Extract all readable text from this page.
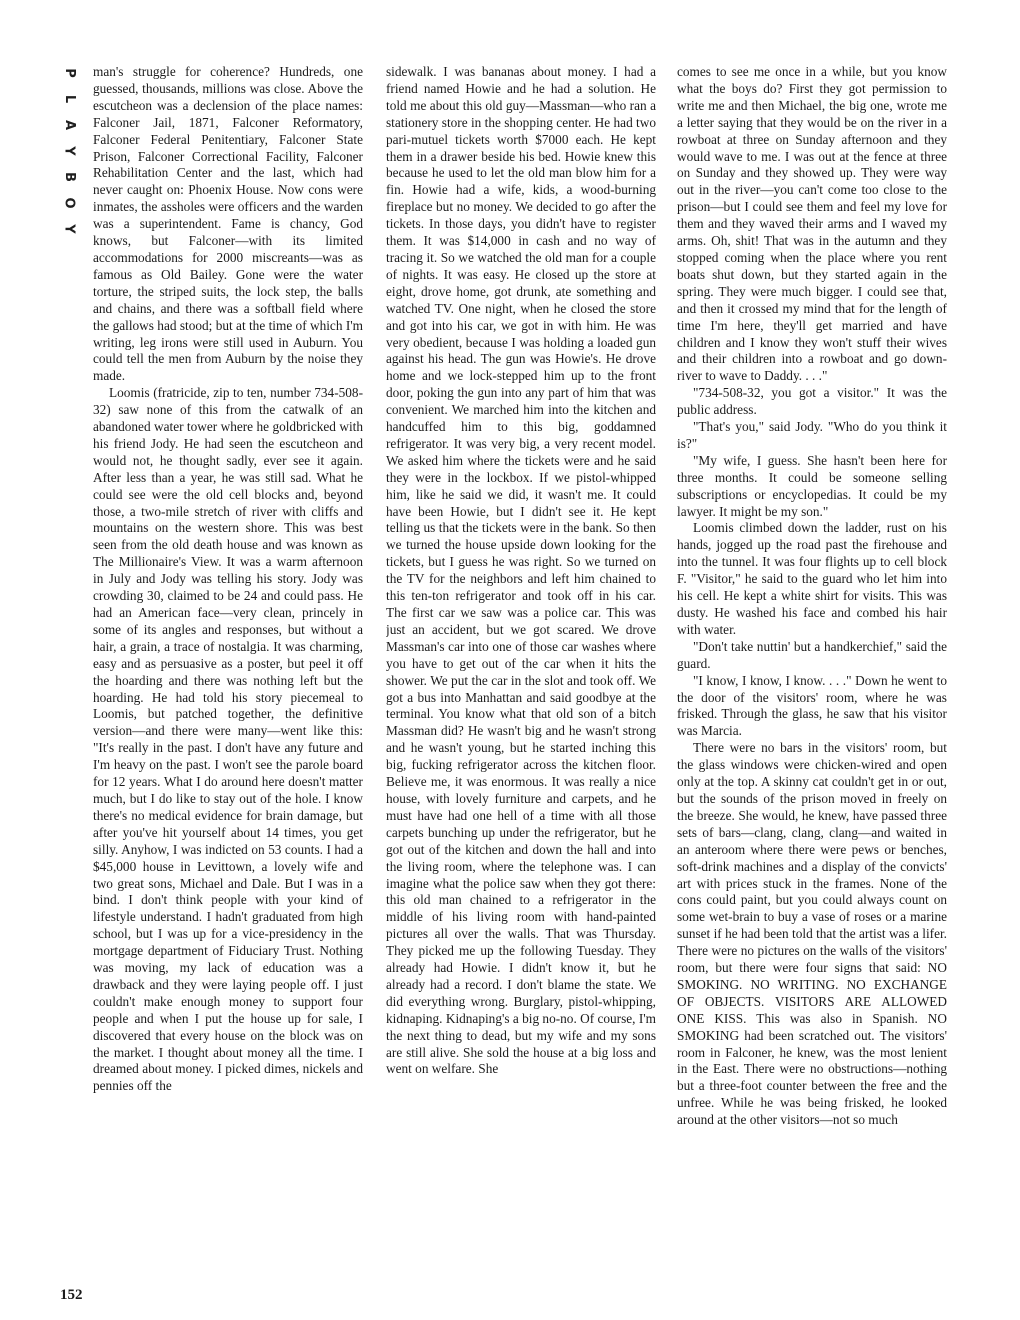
P
L
A
Y
B
O
Y

man's struggle for coherence? Hundreds, one guessed, thousands, millions was close. Above the escutcheon was a declension of the place names: Falconer Jail, 1871, Falconer Reformatory, Falconer Federal Penitentiary, Falconer State Prison, Falconer Correctional Facility, Falconer Rehabilitation Center and the last, which had never caught on: Phoenix House. Now cons were inmates, the assholes were officers and the warden was a superintendent. Fame is chancy, God knows, but Falconer—with its limited accommodations for 2000 miscreants—was as famous as Old Bailey. Gone were the water torture, the striped suits, the lock step, the balls and chains, and there was a softball field where the gallows had stood; but at the time of which I'm writing, leg irons were still used in Auburn. You could tell the men from Auburn by the noise they made.

Loomis (fratricide, zip to ten, number 734-508-32) saw none of this from the catwalk of an abandoned water tower where he goldbricked with his friend Jody. He had seen the escutcheon and would not, he thought sadly, ever see it again. After less than a year, he was still sad. What he could see were the old cell blocks and, beyond those, a two-mile stretch of river with cliffs and mountains on the western shore. This was best seen from the old death house and was known as The Millionaire's View. It was a warm afternoon in July and Jody was telling his story. Jody was crowding 30, claimed to be 24 and could pass. He had an American face—very clean, princely in some of its angles and responses, but without a hair, a grain, a trace of nostalgia. It was charming, easy and as persuasive as a poster, but peel it off the hoarding and there was nothing left but the hoarding. He had told his story piecemeal to Loomis, but patched together, the definitive version—and there were many—went like this: "It's really in the past. I don't have any future and I'm heavy on the past. I won't see the parole board for 12 years. What I do around here doesn't matter much, but I do like to stay out of the hole. I know there's no medical evidence for brain damage, but after you've hit yourself about 14 times, you get silly. Anyhow, I was indicted on 53 counts. I had a $45,000 house in Levittown, a lovely wife and two great sons, Michael and Dale. But I was in a bind. I don't think people with your kind of lifestyle understand. I hadn't graduated from high school, but I was up for a vice-presidency in the mortgage department of Fiduciary Trust. Nothing was moving, my lack of education was a drawback and they were laying people off. I just couldn't make enough money to support four people and when I put the house up for sale, I discovered that every house on the block was on the market. I thought about money all the time. I dreamed about money. I picked dimes, nickels and pennies off the

sidewalk. I was bananas about money. I had a friend named Howie and he had a solution. He told me about this old guy—Massman—who ran a stationery store in the shopping center. He had two pari-mutuel tickets worth $7000 each. He kept them in a drawer beside his bed. Howie knew this because he used to let the old man blow him for a fin. Howie had a wife, kids, a wood-burning fireplace but no money. We decided to go after the tickets. In those days, you didn't have to register them. It was $14,000 in cash and no way of tracing it. So we watched the old man for a couple of nights. It was easy. He closed up the store at eight, drove home, got drunk, ate something and watched TV. One night, when he closed the store and got into his car, we got in with him. He was very obedient, because I was holding a loaded gun against his head. The gun was Howie's. He drove home and we lock-stepped him up to the front door, poking the gun into any part of him that was convenient. We marched him into the kitchen and handcuffed him to this big, goddamned refrigerator. It was very big, a very recent model. We asked him where the tickets were and he said they were in the lockbox. If we pistol-whipped him, like he said we did, it wasn't me. It could have been Howie, but I didn't see it. He kept telling us that the tickets were in the bank. So then we turned the house upside down looking for the tickets, but I guess he was right. So we turned on the TV for the neighbors and left him chained to this ten-ton refrigerator and took off in his car. The first car we saw was a police car. This was just an accident, but we got scared. We drove Massman's car into one of those car washes where you have to get out of the car when it hits the shower. We put the car in the slot and took off. We got a bus into Manhattan and said goodbye at the terminal. You know what that old son of a bitch Massman did? He wasn't big and he wasn't strong and he wasn't young, but he started inching this big, fucking refrigerator across the kitchen floor. Believe me, it was enormous. It was really a nice house, with lovely furniture and carpets, and he must have had one hell of a time with all those carpets bunching up under the refrigerator, but he got out of the kitchen and down the hall and into the living room, where the telephone was. I can imagine what the police saw when they got there: this old man chained to a refrigerator in the middle of his living room with hand-painted pictures all over the walls. That was Thursday. They picked me up the following Tuesday. They already had Howie. I didn't know it, but he already had a record. I don't blame the state. We did everything wrong. Burglary, pistol-whipping, kidnaping. Kidnaping's a big no-no. Of course, I'm the next thing to dead, but my wife and my sons are still alive. She sold the house at a big loss and went on welfare. She

comes to see me once in a while, but you know what the boys do? First they got permission to write me and then Michael, the big one, wrote me a letter saying that they would be on the river in a rowboat at three on Sunday afternoon and they would wave to me. I was out at the fence at three on Sunday and they showed up. They were way out in the river—you can't come too close to the prison—but I could see them and feel my love for them and they waved their arms and I waved my arms. Oh, shit! That was in the autumn and they stopped coming when the place where you rent boats shut down, but they started again in the spring. They were much bigger. I could see that, and then it crossed my mind that for the length of time I'm here, they'll get married and have children and I know they won't stuff their wives and their children into a rowboat and go down-river to wave to Daddy. . . ."

"734-508-32, you got a visitor." It was the public address.

"That's you," said Jody. "Who do you think it is?"

"My wife, I guess. She hasn't been here for three months. It could be someone selling subscriptions or encyclopedias. It could be my lawyer. It might be my son."

Loomis climbed down the ladder, rust on his hands, jogged up the road past the firehouse and into the tunnel. It was four flights up to cell block F. "Visitor," he said to the guard who let him into his cell. He kept a white shirt for visits. This was dusty. He washed his face and combed his hair with water.

"Don't take nuttin' but a handkerchief," said the guard.

"I know, I know, I know. . . ." Down he went to the door of the visitors' room, where he was frisked. Through the glass, he saw that his visitor was Marcia.

There were no bars in the visitors' room, but the glass windows were chicken-wired and open only at the top. A skinny cat couldn't get in or out, but the sounds of the prison moved in freely on the breeze. She would, he knew, have passed three sets of bars—clang, clang, clang—and waited in an anteroom where there were pews or benches, soft-drink machines and a display of the convicts' art with prices stuck in the frames. None of the cons could paint, but you could always count on some wet-brain to buy a vase of roses or a marine sunset if he had been told that the artist was a lifer. There were no pictures on the walls of the visitors' room, but there were four signs that said: NO SMOKING. NO WRITING. NO EXCHANGE OF OBJECTS. VISITORS ARE ALLOWED ONE KISS. This was also in Spanish. NO SMOKING had been scratched out. The visitors' room in Falconer, he knew, was the most lenient in the East. There were no obstructions—nothing but a three-foot counter between the free and the unfree. While he was being frisked, he looked around at the other visitors—not so much

152
